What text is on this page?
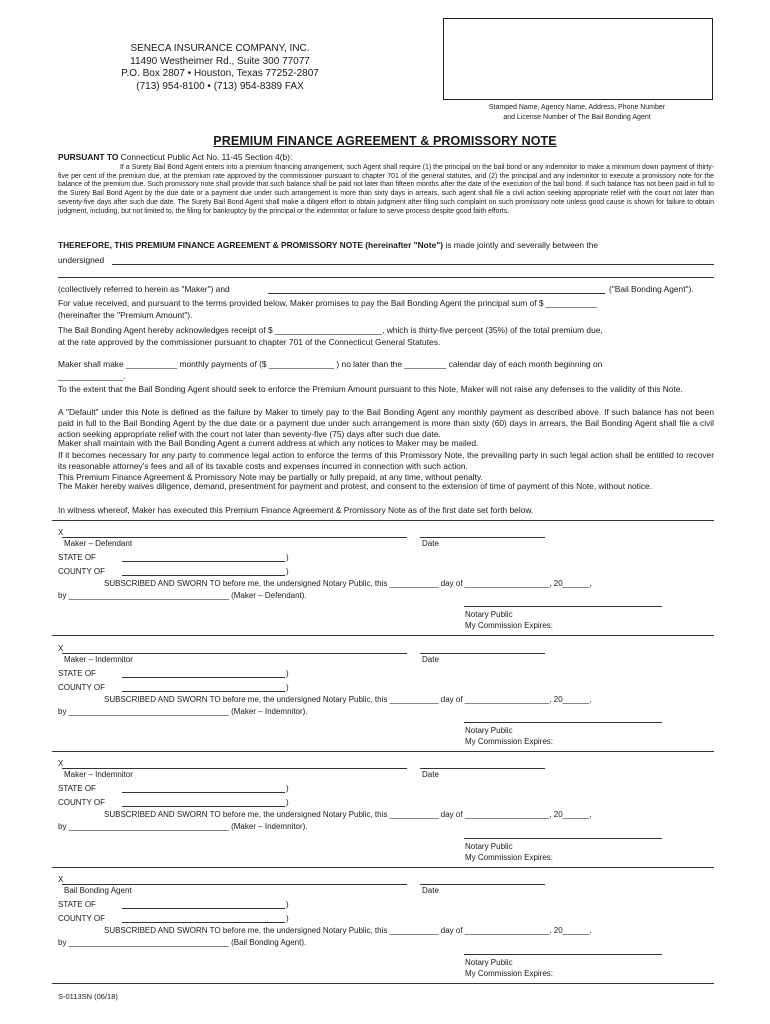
SENECA INSURANCE COMPANY, INC.
11490 Westheimer Rd., Suite 300 77077
P.O. Box 2807 • Houston, Texas 77252-2807
(713) 954-8100 • (713) 954-8389 FAX
Stamped Name, Agency Name, Address, Phone Number
and License Number of The Bail Bonding Agent
PREMIUM FINANCE AGREEMENT & PROMISSORY NOTE
PURSUANT TO Connecticut Public Act No. 11-45 Section 4(b):
If a Surety Bail Bond Agent enters into a premium financing arrangement, such Agent shall require (1) the principal on the bail bond or any indemnitor to make a minimum down payment of thirty-five per cent of the premium due, at the premium rate approved by the commissioner pursuant to chapter 701 of the general statutes, and (2) the principal and any indemnitor to execute a promissory note for the balance of the premium due. Such promissory note shall provide that such balance shall be paid not later than fifteen months after the date of the execution of the bail bond. If such balance has not been paid in full to the Surety Bail Bond Agent by the due date or a payment due under such arrangement is more than sixty days in arrears, such agent shall file a civil action seeking appropriate relief with the court not later than seventy-five days after such due date. The Surety Bail Bond Agent shall make a diligent effort to obtain judgment after filing such complaint on such promissory note unless good cause is shown for failure to obtain judgment, including, but not limited to, the filing for bankruptcy by the principal or the indemnitor or failure to serve process despite good faith efforts.
THEREFORE, THIS PREMIUM FINANCE AGREEMENT & PROMISSORY NOTE (hereinafter "Note") is made jointly and severally between the
undersigned
(collectively referred to herein as "Maker") and	("Bail Bonding Agent").
For value received, and pursuant to the terms provided below, Maker promises to pay the Bail Bonding Agent the principal sum of $ ___________
(hereinafter the "Premium Amount").
The Bail Bonding Agent hereby acknowledges receipt of $ _______________________, which is thirty-five percent (35%) of the total premium due,
at the rate approved by the commissioner pursuant to chapter 701 of the Connecticut General Statutes.
Maker shall make ___________ monthly payments of ($ ______________ ) no later than the _________ calendar day of each month beginning on
______________.
To the extent that the Bail Bonding Agent should seek to enforce the Premium Amount pursuant to this Note, Maker will not raise any defenses to the validity of this Note.
A "Default" under this Note is defined as the failure by Maker to timely pay to the Bail Bonding Agent any monthly payment as described above. If such balance has not been paid in full to the Bail Bonding Agent by the due date or a payment due under such arrangement is more than sixty (60) days in arrears, the Bail Bonding Agent shall file a civil action seeking appropriate relief with the court not later than seventy-five (75) days after such due date.
Maker shall maintain with the Bail Bonding Agent a current address at which any notices to Maker may be mailed.
If it becomes necessary for any party to commence legal action to enforce the terms of this Promissory Note, the prevailing party in such legal action shall be entitled to recover its reasonable attorney's fees and all of its taxable costs and expenses incurred in connection with such action.
This Premium Finance Agreement & Promissory Note may be partially or fully prepaid, at any time, without penalty.
The Maker hereby waives diligence, demand, presentment for payment and protest, and consent to the extension of time of payment of this Note, without notice.
In witness whereof, Maker has executed this Premium Finance Agreement & Promissory Note as of the first date set forth below.
X
Maker – Defendant	Date
STATE OF	)
COUNTY OF	)
SUBSCRIBED AND SWORN TO before me, the undersigned Notary Public, this ___________ day of ___________________, 20______,
by ____________________________________ (Maker – Defendant).
Notary Public
My Commission Expires:
X
Maker – Indemnitor	Date
STATE OF	)
COUNTY OF	)
SUBSCRIBED AND SWORN TO before me, the undersigned Notary Public, this ___________ day of ___________________, 20______,
by ____________________________________ (Maker – Indemnitor).
Notary Public
My Commission Expires:
X
Maker – Indemnitor	Date
STATE OF	)
COUNTY OF	)
SUBSCRIBED AND SWORN TO before me, the undersigned Notary Public, this ___________ day of ___________________, 20______,
by ____________________________________ (Maker – Indemnitor).
Notary Public
My Commission Expires:
X
Bail Bonding Agent	Date
STATE OF	)
COUNTY OF	)
SUBSCRIBED AND SWORN TO before me, the undersigned Notary Public, this ___________ day of ___________________, 20______,
by ____________________________________ (Bail Bonding Agent).
Notary Public
My Commission Expires:
S-0113SN (06/18)
